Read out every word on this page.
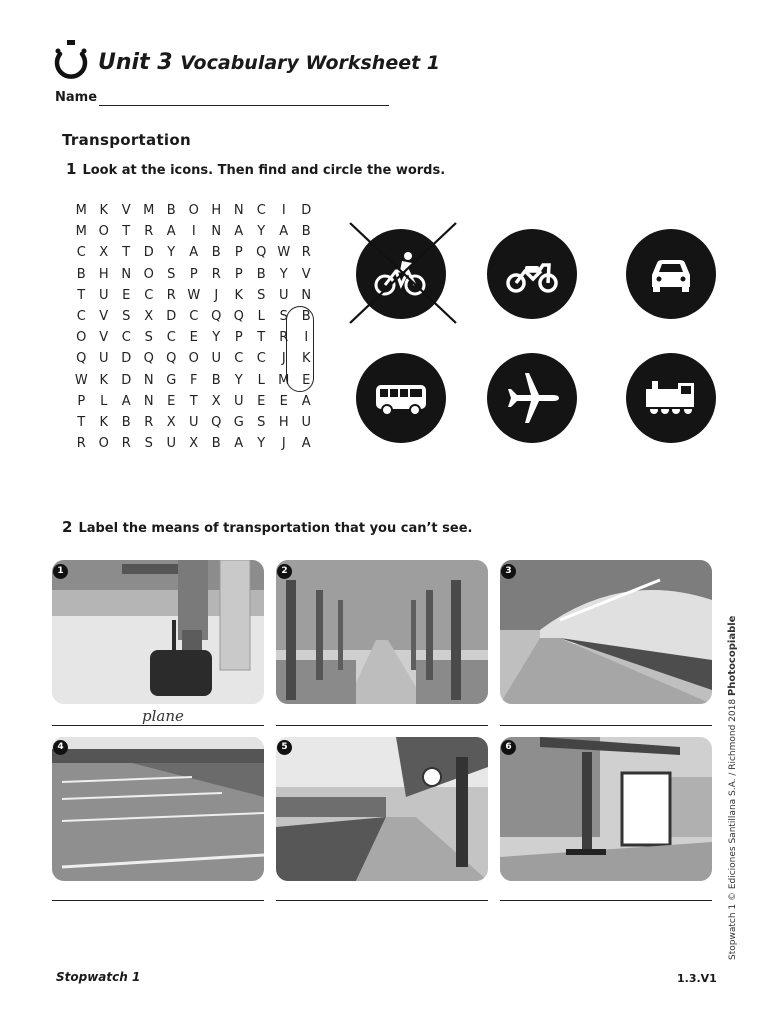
Unit 3 Vocabulary Worksheet 1
Name
Transportation
1 Look at the icons. Then find and circle the words.
M K	V M B O H N	C	I	D
M O	T	R	A	I	N	A	Y	A	B
C	X	T	D	Y	A	B	P	Q W R
B	H N O	S	P	R	P	B	Y	V
T	U	E	C	R W	J	K	S	U N
C	V	S	X	D C Q Q	L	S	B
O V	C	S	C	E	Y	P	T	R	I
Q U D Q Q O U	C	C	J	K
W K	D N G	F	B	Y	L	M E
P	L	A	N	E	T	X	U	E	E	A
T	K	B	R	X	U Q G	S	H U
R O R	S	U	X	B	A	Y	J	A
2 Label the means of transportation that you can’t see.
1
plane
2	3
4	5	6	Stopwatch 1 © Ediciones Santillana S.A. / Richmond 2018 Photocopiable
Stopwatch 1	1.3.V1
